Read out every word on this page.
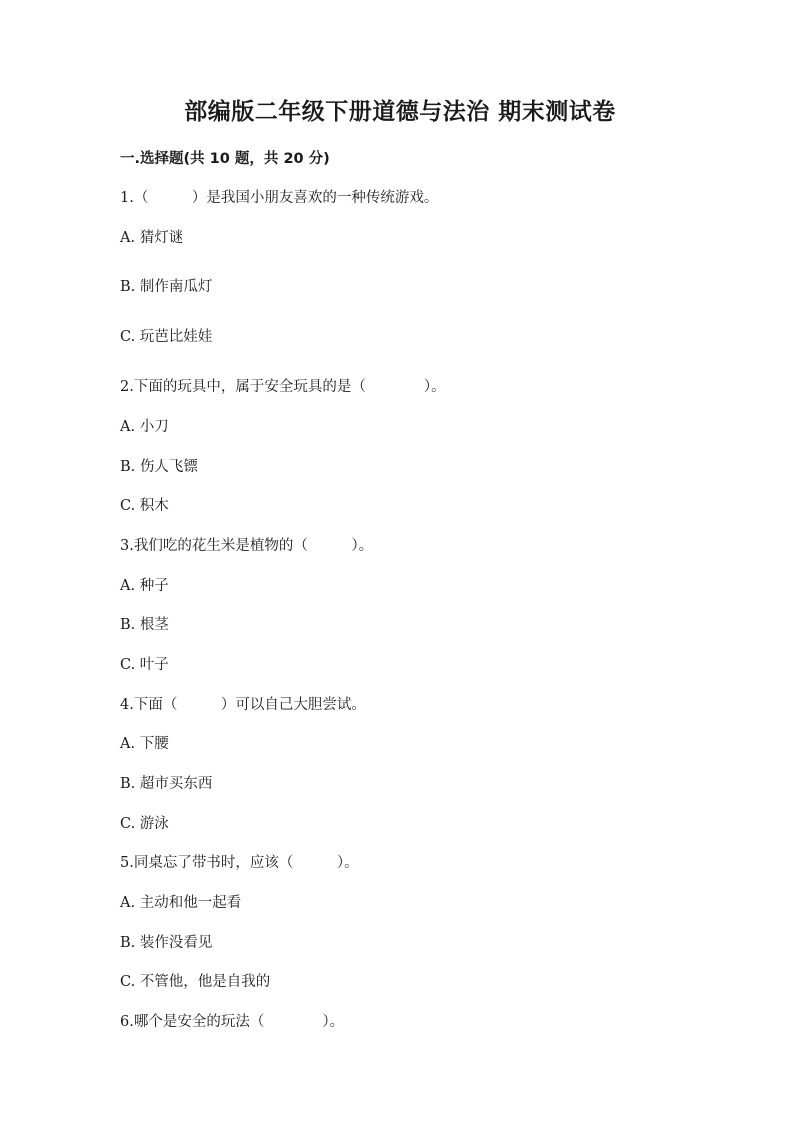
部编版二年级下册道德与法治 期末测试卷
一.选择题(共 10 题，共 20 分)
1.（　　　）是我国小朋友喜欢的一种传统游戏。
A. 猜灯谜
B. 制作南瓜灯
C. 玩芭比娃娃
2.下面的玩具中，属于安全玩具的是（　　　　）。
A. 小刀
B. 伤人飞镖
C. 积木
3.我们吃的花生米是植物的（　　　）。
A. 种子
B. 根茎
C. 叶子
4.下面（　　　）可以自己大胆尝试。
A. 下腰
B. 超市买东西
C. 游泳
5.同桌忘了带书时，应该（　　　）。
A. 主动和他一起看
B. 装作没看见
C. 不管他，他是自我的
6.哪个是安全的玩法（　　　　）。
